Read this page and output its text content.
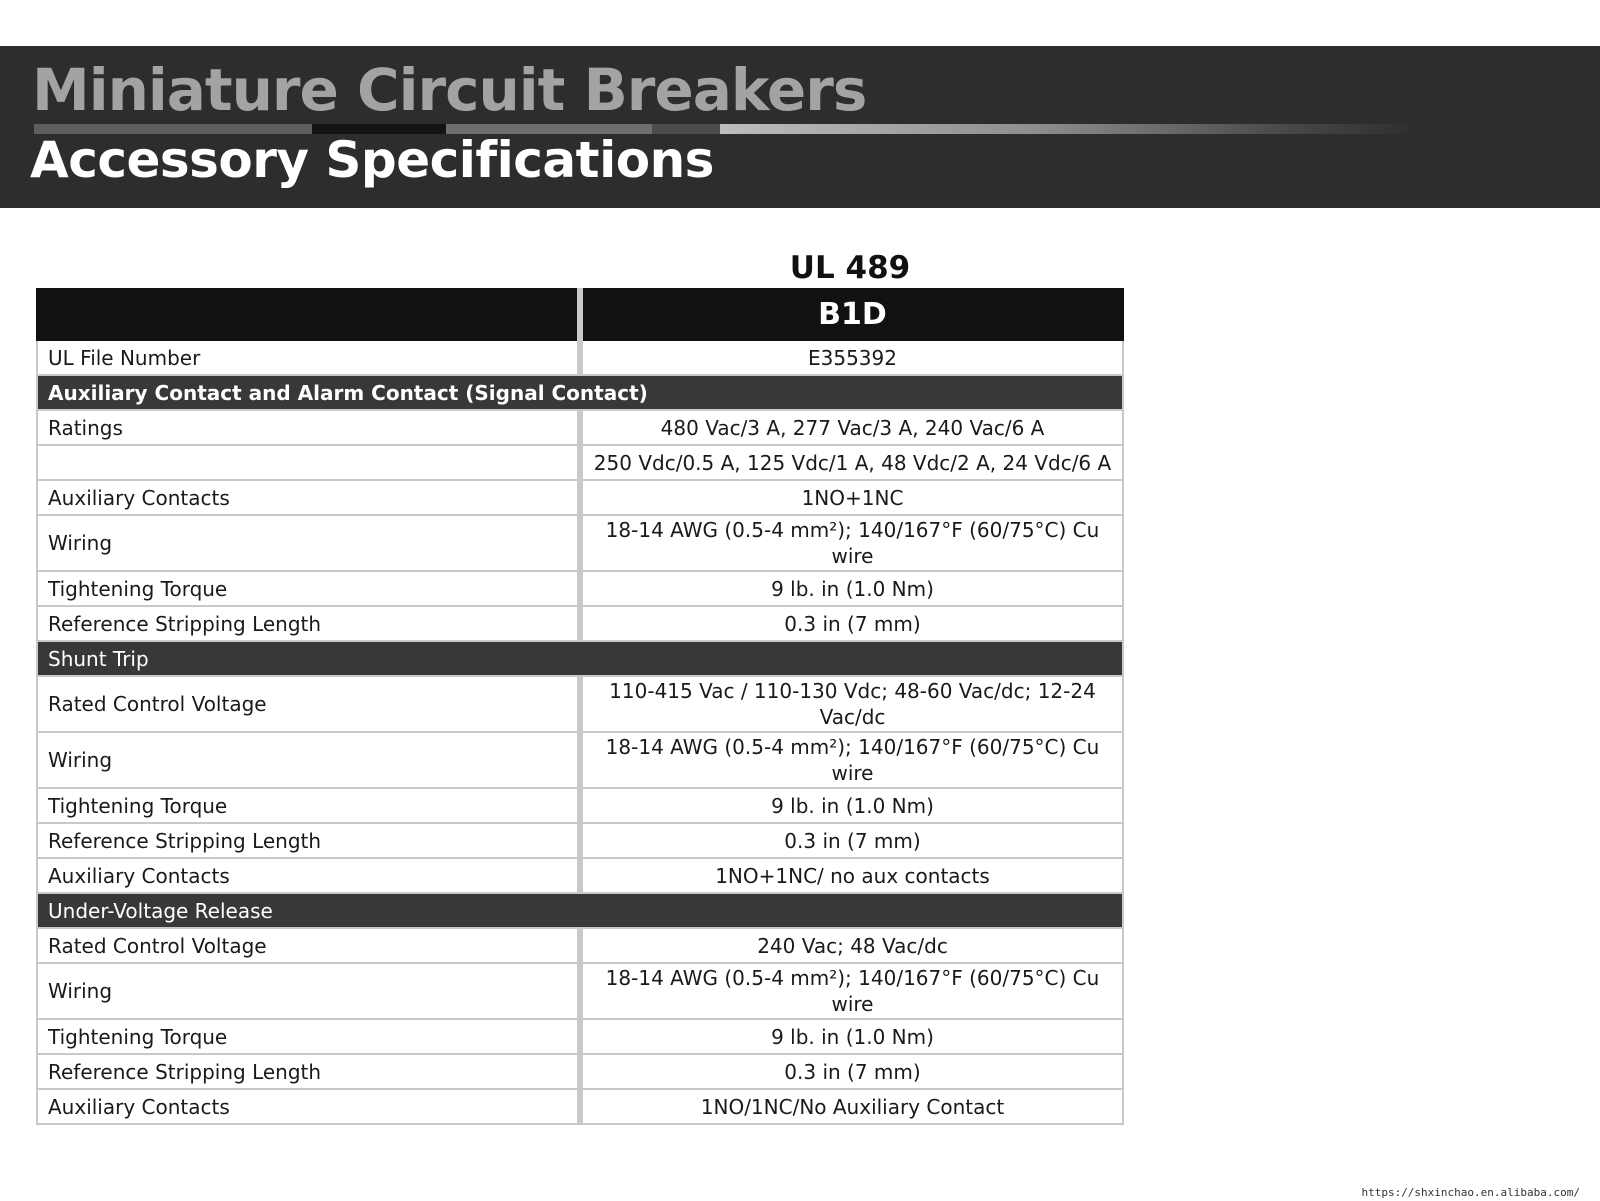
Miniature Circuit Breakers
Accessory Specifications
UL 489
	B1D
UL File Number	E355392
Auxiliary Contact and Alarm Contact (Signal Contact)	
Ratings	480 Vac/3 A, 277 Vac/3 A, 240 Vac/6 A
	250 Vdc/0.5 A, 125 Vdc/1 A, 48 Vdc/2 A, 24 Vdc/6 A
Auxiliary Contacts	1NO+1NC
Wiring	18-14 AWG (0.5-4 mm²); 140/167°F (60/75°C) Cu wire
Tightening Torque	9 lb. in (1.0 Nm)
Reference Stripping Length	0.3 in (7 mm)
Shunt Trip	
Rated Control Voltage	110-415 Vac / 110-130 Vdc; 48-60 Vac/dc; 12-24 Vac/dc
Wiring	18-14 AWG (0.5-4 mm²); 140/167°F (60/75°C) Cu wire
Tightening Torque	9 lb. in (1.0 Nm)
Reference Stripping Length	0.3 in (7 mm)
Auxiliary Contacts	1NO+1NC/ no aux contacts
Under-Voltage Release	
Rated Control Voltage	240 Vac; 48 Vac/dc
Wiring	18-14 AWG (0.5-4 mm²); 140/167°F (60/75°C) Cu wire
Tightening Torque	9 lb. in (1.0 Nm)
Reference Stripping Length	0.3 in (7 mm)
Auxiliary Contacts	1NO/1NC/No Auxiliary Contact
https://shxinchao.en.alibaba.com/
